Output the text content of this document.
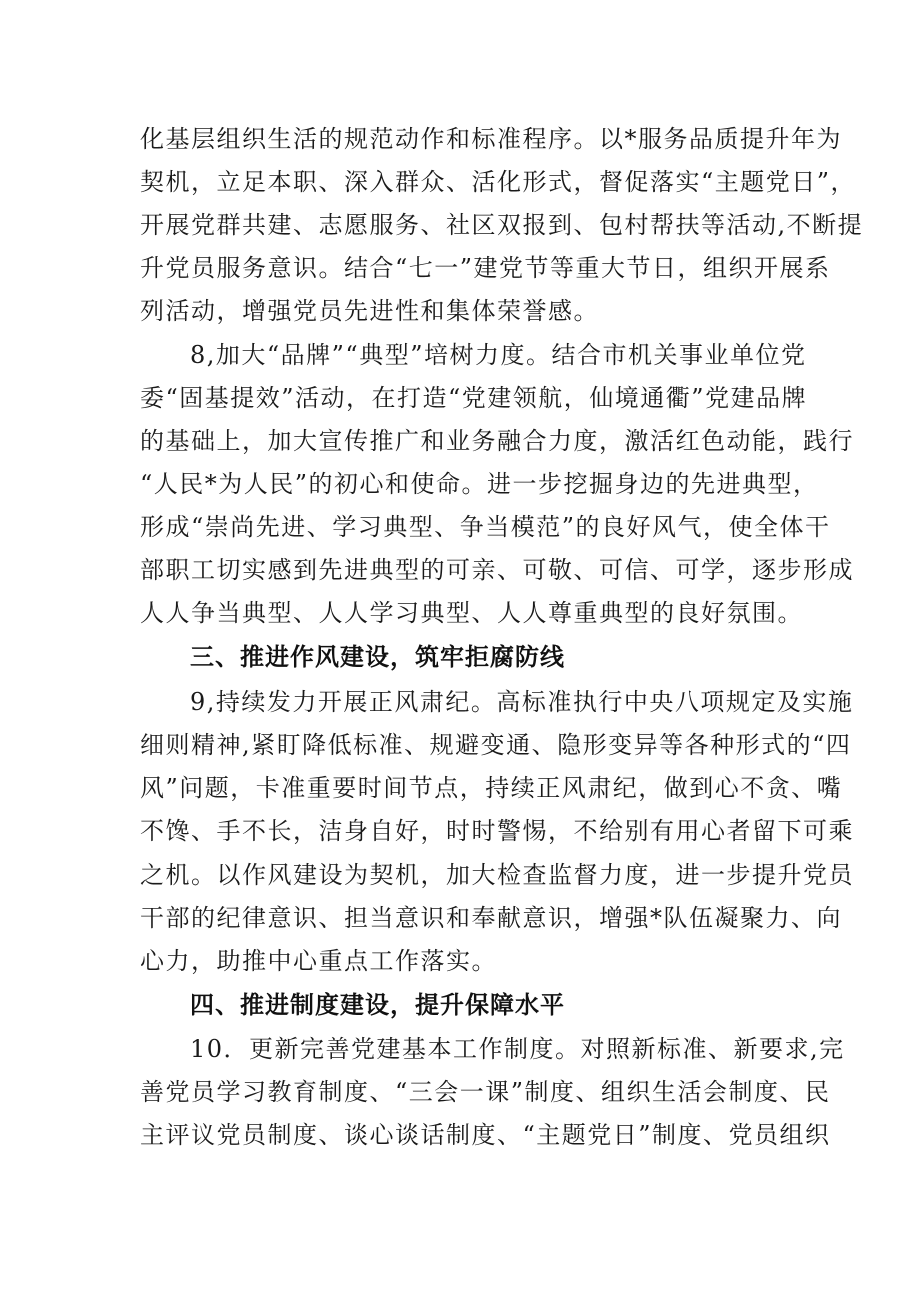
化基层组织生活的规范动作和标准程序。以*服务品质提升年为
契机，立足本职、深入群众、活化形式，督促落实“主题党日”，
开展党群共建、志愿服务、社区双报到、包村帮扶等活动,不断提
升党员服务意识。结合“七一”建党节等重大节日，组织开展系
列活动，增强党员先进性和集体荣誉感。
8,加大“品牌”“典型”培树力度。结合市机关事业单位党
委“固基提效”活动，在打造“党建领航，仙境通衢”党建品牌
的基础上，加大宣传推广和业务融合力度，激活红色动能，践行
“人民*为人民”的初心和使命。进一步挖掘身边的先进典型，
形成“崇尚先进、学习典型、争当模范”的良好风气，使全体干
部职工切实感到先进典型的可亲、可敬、可信、可学，逐步形成
人人争当典型、人人学习典型、人人尊重典型的良好氛围。
三、推进作风建设，筑牢拒腐防线
9,持续发力开展正风肃纪。高标准执行中央八项规定及实施
细则精神,紧盯降低标准、规避变通、隐形变异等各种形式的“四
风”问题，卡准重要时间节点，持续正风肃纪，做到心不贪、嘴
不馋、手不长，洁身自好，时时警惕，不给别有用心者留下可乘
之机。以作风建设为契机，加大检查监督力度，进一步提升党员
干部的纪律意识、担当意识和奉献意识，增强*队伍凝聚力、向
心力，助推中心重点工作落实。
四、推进制度建设，提升保障水平
10．更新完善党建基本工作制度。对照新标准、新要求,完
善党员学习教育制度、“三会一课”制度、组织生活会制度、民
主评议党员制度、谈心谈话制度、“主题党日”制度、党员组织
